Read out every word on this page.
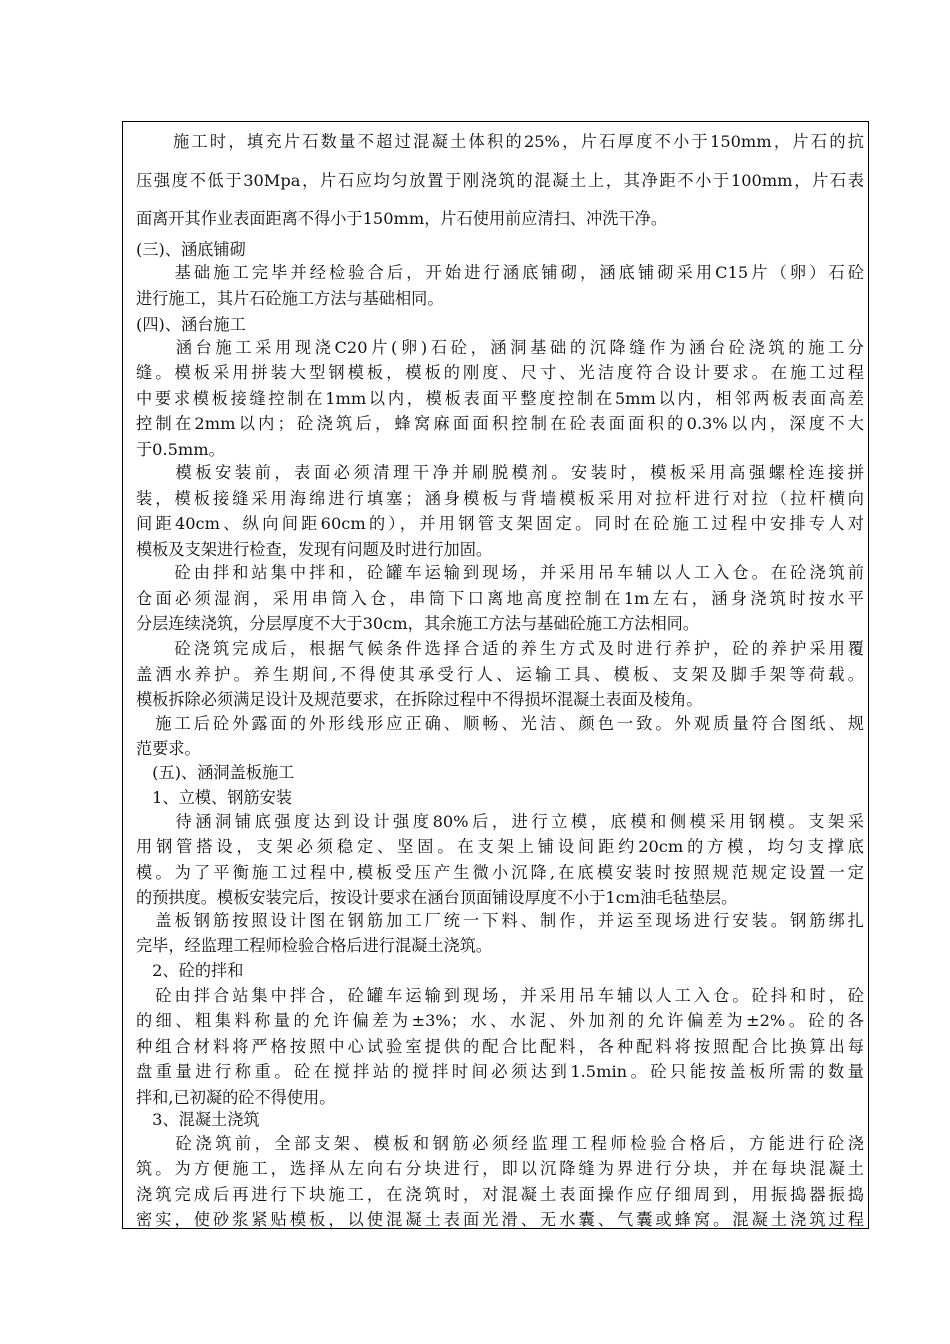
　　施工时，填充片石数量不超过混凝土体积的25%，片石厚度不小于150mm，片石的抗
压强度不低于30Mpa，片石应均匀放置于刚浇筑的混凝土上，其净距不小于100mm，片石表
面离开其作业表面距离不得小于150mm，片石使用前应清扫、冲洗干净。
(三)、涵底铺砌
　　基础施工完毕并经检验合后，开始进行涵底铺砌，涵底铺砌采用C15片（卵）石砼
进行施工，其片石砼施工方法与基础相同。
(四)、涵台施工
　　涵台施工采用现浇C20片(卵)石砼，涵洞基础的沉降缝作为涵台砼浇筑的施工分
缝。模板采用拼装大型钢模板，模板的刚度、尺寸、光洁度符合设计要求。在施工过程
中要求模板接缝控制在1mm以内，模板表面平整度控制在5mm以内，相邻两板表面高差
控制在2mm以内；砼浇筑后，蜂窝麻面面积控制在砼表面面积的0.3%以内，深度不大
于0.5mm。
　　模板安装前，表面必须清理干净并刷脱模剂。安装时，模板采用高强螺栓连接拼
装，模板接缝采用海绵进行填塞；涵身模板与背墙模板采用对拉杆进行对拉（拉杆横向
间距40cm、纵向间距60cm的），并用钢管支架固定。同时在砼施工过程中安排专人对
模板及支架进行检查，发现有问题及时进行加固。
　　砼由拌和站集中拌和，砼罐车运输到现场，并采用吊车辅以人工入仓。在砼浇筑前
仓面必须湿润，采用串筒入仓，串筒下口离地高度控制在1m左右，涵身浇筑时按水平
分层连续浇筑，分层厚度不大于30cm，其余施工方法与基础砼施工方法相同。
　　砼浇筑完成后，根据气候条件选择合适的养生方式及时进行养护，砼的养护采用覆
盖洒水养护。养生期间,不得使其承受行人、运输工具、模板、支架及脚手架等荷载。
模板拆除必须满足设计及规范要求，在拆除过程中不得损坏混凝土表面及棱角。
　施工后砼外露面的外形线形应正确、顺畅、光洁、颜色一致。外观质量符合图纸、规
范要求。
　(五)、涵洞盖板施工
　1、立模、钢筋安装
　　待涵洞铺底强度达到设计强度80%后，进行立模，底模和侧模采用钢模。支架采
用钢管搭设，支架必须稳定、坚固。在支架上铺设间距约20cm的方模，均匀支撑底
模。为了平衡施工过程中,模板受压产生微小沉降,在底模安装时按照规范规定设置一定
的预拱度。模板安装完后，按设计要求在涵台顶面铺设厚度不小于1cm油毛毡垫层。
　盖板钢筋按照设计图在钢筋加工厂统一下料、制作，并运至现场进行安装。钢筋绑扎
完毕，经监理工程师检验合格后进行混凝土浇筑。
　2、砼的拌和
　砼由拌合站集中拌合，砼罐车运输到现场，并采用吊车辅以人工入仓。砼抖和时，砼
的细、粗集料称量的允许偏差为±3%；水、水泥、外加剂的允许偏差为±2%。砼的各
种组合材料将严格按照中心试验室提供的配合比配料，各种配料将按照配合比换算出每
盘重量进行称重。砼在搅拌站的搅拌时间必须达到1.5min。砼只能按盖板所需的数量
拌和,已初凝的砼不得使用。
　3、混凝土浇筑
　　砼浇筑前，全部支架、模板和钢筋必须经监理工程师检验合格后，方能进行砼浇
筑。为方便施工，选择从左向右分块进行，即以沉降缝为界进行分块，并在每块混凝土
浇筑完成后再进行下块施工，在浇筑时，对混凝土表面操作应仔细周到，用振捣器振捣
密实，使砂浆紧贴模板，以使混凝土表面光滑、无水囊、气囊或蜂窝。混凝土浇筑过程
